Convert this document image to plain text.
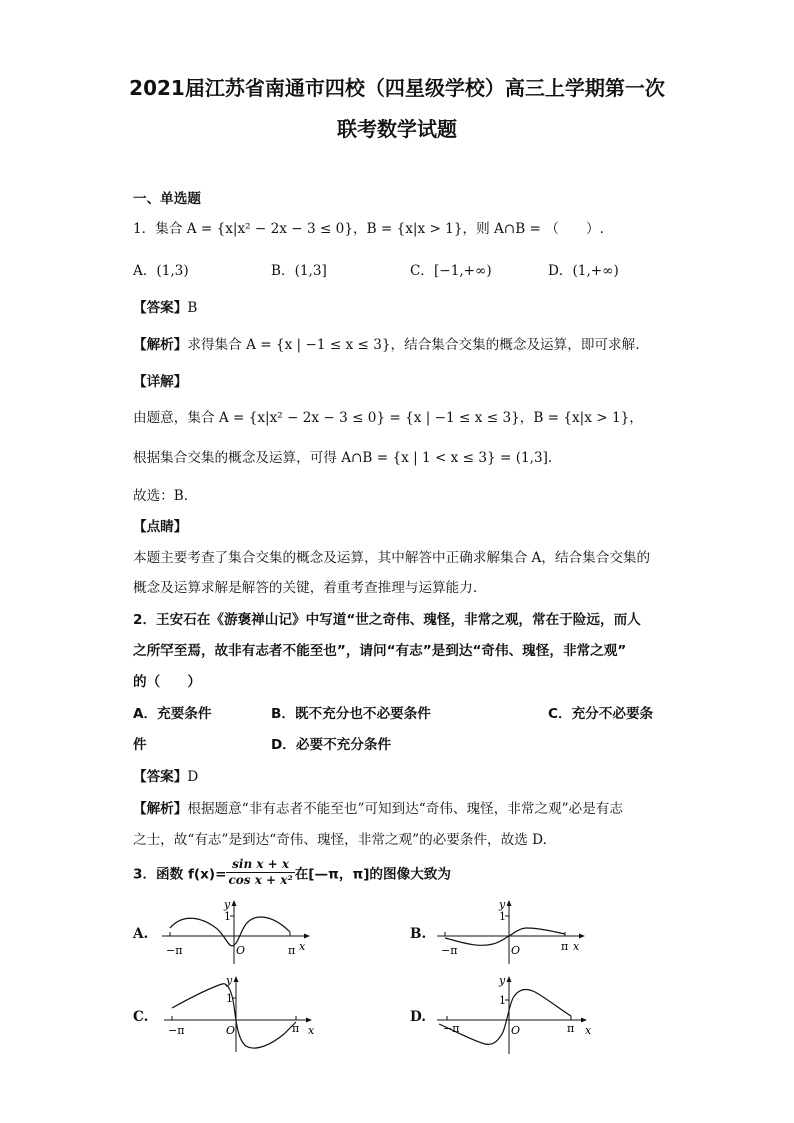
2021届江苏省南通市四校（四星级学校）高三上学期第一次
联考数学试题
一、单选题
1．集合 A = {x|x² − 2x − 3 ≤ 0}，B = {x|x > 1}，则 A∩B = （　　）.
A．(1,3)	B．(1,3]	C．[−1,+∞)	D．(1,+∞)
【答案】B
【解析】求得集合 A = {x | −1 ≤ x ≤ 3}，结合集合交集的概念及运算，即可求解.
【详解】
由题意，集合 A = {x|x² − 2x − 3 ≤ 0} = {x | −1 ≤ x ≤ 3}，B = {x|x > 1}，
根据集合交集的概念及运算，可得 A∩B = {x | 1 < x ≤ 3} = (1,3].
故选：B.
【点睛】
本题主要考查了集合交集的概念及运算，其中解答中正确求解集合 A，结合集合交集的
概念及运算求解是解答的关键，着重考查推理与运算能力.
2．王安石在《游褒禅山记》中写道“世之奇伟、瑰怪，非常之观，常在于险远，而人
之所罕至焉，故非有志者不能至也”，请问“有志”是到达“奇伟、瑰怪，非常之观”
的（　　）
A．充要条件	B．既不充分也不必要条件	C．充分不必要条
件	D．必要不充分条件
【答案】D
【解析】根据题意“非有志者不能至也”可知到达“奇伟、瑰怪，非常之观”必是有志
之士，故“有志”是到达“奇伟、瑰怪，非常之观”的必要条件，故选 D.
3．函数 $f(x)= \frac{\text{sin x + x}}{\text{cos x + x²}}$ 在[—π，π]的图像大致为
A.
−π	π x
y
1
O
B.
−π	π x
y
1
O
C.
−π	π x
y
1
O
D.
−π	π x
y
1
O
